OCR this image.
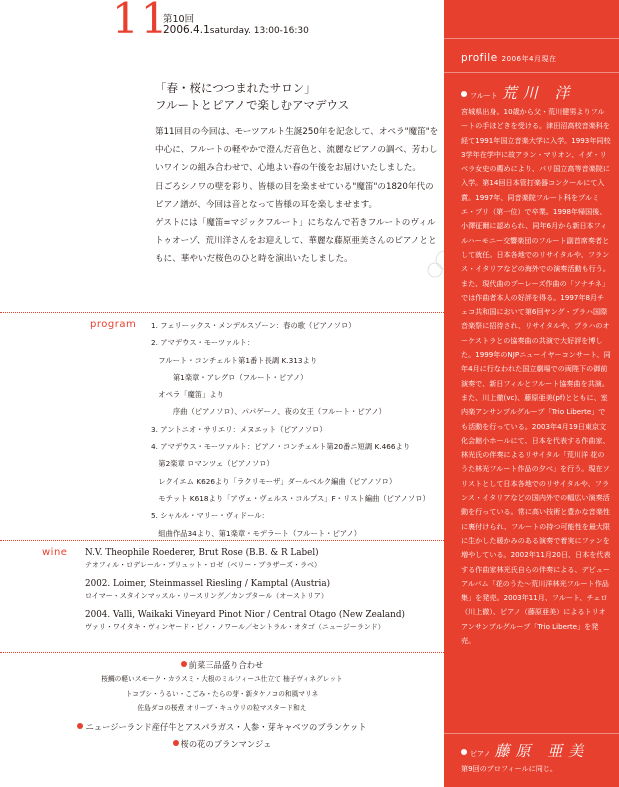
11
第10回
2006.4.1saturday. 13:00-16:30
「春・桜につつまれたサロン」
フルートとピアノで楽しむアマデウス

第11回目の今回は、モーツアルト生誕250年を記念して、オペラ"魔笛"を中心に、フルートの軽やかで澄んだ音色と、流麗なピアノの調べ、芳わしいワインの組み合わせで、心地よい春の午後をお届けいたしました。

日ごろシノワの壁を彩り、皆様の目を楽ませている"魔笛"の1820年代のピアノ譜が、今回は音となって皆様の耳を楽しませます。

ゲストには「魔笛=マジックフルート」にちなんで若きフルートのヴィルトゥオーゾ、荒川洋さんをお迎えして、華麗な藤原亜美さんのピアノとともに、華やいだ桜色のひと時を演出いたしました。

program 1. フェリーックス・メンデルスゾーン：春の歌（ピアノソロ）
2. アマデウス・モーツァルト：
　フルート・コンチェルト第1番ト長調 K.313より
　　　第1楽章・アレグロ（フルート・ピアノ）
　オペラ「魔笛」より
　　　序曲（ピアノソロ）、パパゲーノ、夜の女王（フルート・ピアノ）
3. アントニオ・サリエリ：メヌエット（ピアノソロ）
4. アマデウス・モーツァルト：ピアノ・コンチェルト第20番ニ短調 K.466より
　第2楽章 ロマンツェ（ピアノソロ）
　レクイエム K626より「ラクリモーザ」ダールベルク編曲（ピアノソロ）
　モテット K618より「アヴェ・ヴェルス・コルプス」F・リスト編曲（ピアノソロ）
5. シャルル・マリー・ヴィドール：
　組曲作品34より、第1楽章・モデラート（フルート・ピアノ）
wine N.V. Theophile Roederer, Brut Rose (B.B. & R Label)
テオフィル・ロデレール・ブリュット・ロゼ（ベリー・ブラザーズ・ラベ）
2002. Loimer, Steinmassel Riesling / Kamptal (Austria)
ロイマー・スタインマッスル・リースリング／カンプタール（オーストリア）
2004. Valli, Waikaki Vineyard Pinot Nior / Central Otago (New Zealand)
ヴァリ・ワイタキ・ヴィンヤード・ピノ・ノワール／セントラル・オタゴ（ニュージーランド）
前菜三品盛り合わせ
桜鯛の軽いスモーク・カラスミ・大根のミルフィーユ仕立て 柚子ヴィネグレット
トコブシ・うるい・こごみ・たらの芽・新タケノコの和風マリネ
佐島ダコの桜煮 オリーブ・キュウリの粒マスタード和え
ニュージーランド産仔牛とアスパラガス・人参・芽キャベツのブランケット
桜の花のブランマンジェ
profile 2006年4月現在
フルート 荒川 洋
宮城県出身。10歳から父・荒川健男よりフルートの手ほどきを受ける。津田沼高校音楽科を経て1991年国立音楽大学に入学。1993年同校3学年在学中に故アラン・マリオン、イダ・リベラ女史の薦めにより、パリ国立高等音楽院に入学。第14回日本管打楽器コンクールにて入賞。1997年、同音楽院フルート科をプルミエ・プリ（第一位）で卒業。1998年帰国後、小澤征爾に認められ、同年6月から新日本フィルハーモニー交響楽団のフルート副首席奏者として就任。日本各地でのリサイタルや、フランス・イタリアなどの海外での演奏活動も行う。また、現代曲のプーレーズ作曲の「ソナチネ」では作曲者本人の好評を得る。1997年8月チェコ共和国において第6回ヤング・プラハ国際音楽祭に招待され、リサイタルや、プラハのオーケストラとの協奏曲の共演で大好評を博した。1999年のNJPニューイヤーコンサート、同年4月に行なわれた国立劇場での両陛下の御前演奏で、新日フィルとフルート協奏曲を共演。また、川上徹(vc)、藤原亜美(pf)とともに、室内楽アンサンブルグループ「Trio Liberte」でも活動を行っている。2003年4月19日東京文化会館小ホールにて、日本を代表する作曲家、林光氏の伴奏によるリサイタル「荒川洋 花のうた林光フルート作品の夕べ」を行う。現在ソリストとして日本各地でのリサイタルや、フランス・イタリアなどの国内外での幅広い演奏活動を行っている。常に高い技術と豊かな音楽性に裏付けられ、フルートの持つ可能性を最大限に生かした暖かみのある演奏で着実にファンを増やしている。2002年11月20日、日本を代表する作曲家林光氏自らの伴奏による、デビューアルバム「花のうた〜荒川洋林光フルート作品集」を発売。2003年11月、フルート、チェロ（川上徹）、ピアノ（藤原亜美）によるトリオアンサンブルグループ「Trio Liberte」を発売。
ピアノ 藤原 亜美
第9回のプロフィールに同じ。
